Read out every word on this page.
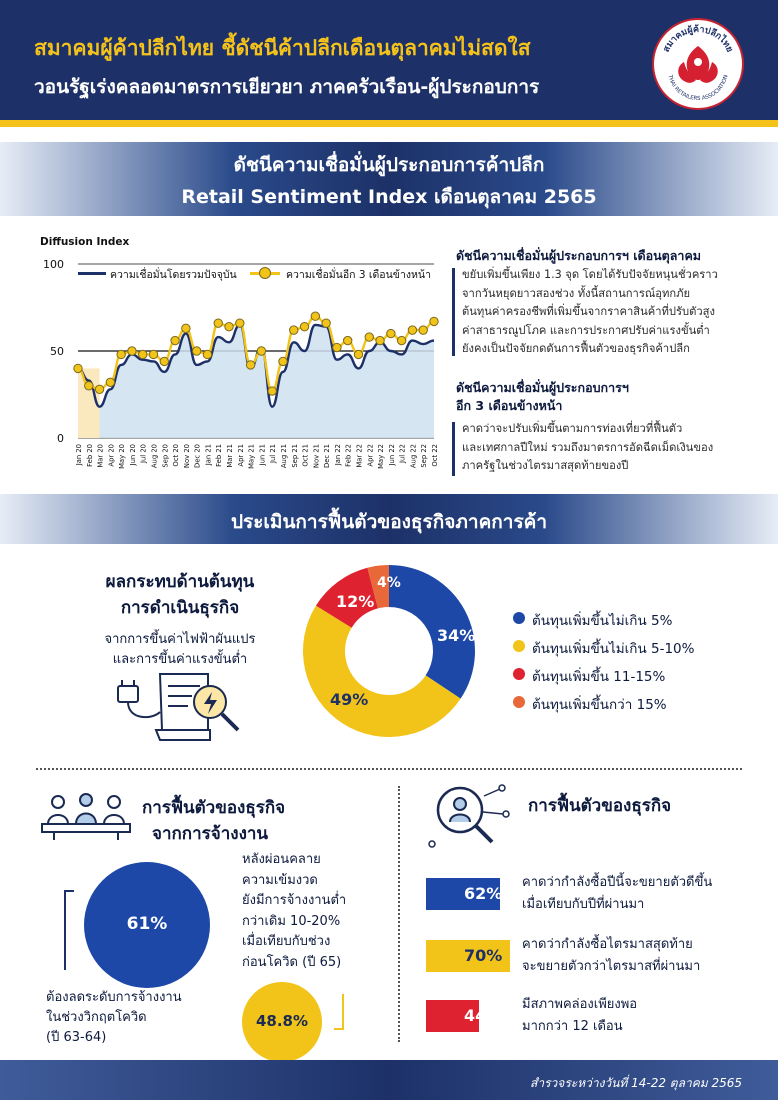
สมาคมผู้ค้าปลีกไทย ชี้ดัชนีค้าปลีกเดือนตุลาคมไม่สดใส
วอนรัฐเร่งคลอดมาตรการเยียวยา ภาคครัวเรือน-ผู้ประกอบการ
สมาคมผู้ค้าปลีกไทย
THAI RETAILERS ASSOCIATION
ดัชนีความเชื่อมั่นผู้ประกอบการค้าปลีก
Retail Sentiment Index เดือนตุลาคม 2565
Diffusion Index
0
50
100
Jan 20 Feb 20 Mar 20 Apr 20 May 20 Jun 20 Jul 20 Aug 20 Sep 20 Oct 20 Nov 20 Dec 20 Jan 21 Feb 21 Mar 21 Apr 21 May 21 Jun 21 Jul 21 Aug 21 Sep 21 Oct 21 Nov 21 Dec 21 Jan 22 Feb 22 Mar 22 Apr 22 May 22 Jun 22 Jul 22 Aug 22 Sep 22 Oct 22
ความเชื่อมั่นโดยรวมปัจจุบัน	ความเชื่อมั่นอีก 3 เดือนข้างหน้า
ดัชนีความเชื่อมั่นผู้ประกอบการฯ เดือนตุลาคม
ขยับเพิ่มขึ้นเพียง 1.3 จุด โดยได้รับปัจจัยหนุนชั่วคราว
จากวันหยุดยาวสองช่วง ทั้งนี้สถานการณ์อุทกภัย
ต้นทุนค่าครองชีพที่เพิ่มขึ้นจากราคาสินค้าที่ปรับตัวสูง
ค่าสาธารณูปโภค และการประกาศปรับค่าแรงขั้นต่ำ
ยังคงเป็นปัจจัยกดดันการฟื้นตัวของธุรกิจค้าปลีก
ดัชนีความเชื่อมั่นผู้ประกอบการฯ
อีก 3 เดือนข้างหน้า
คาดว่าจะปรับเพิ่มขึ้นตามการท่องเที่ยวที่ฟื้นตัว
และเทศกาลปีใหม่ รวมถึงมาตรการอัดฉีดเม็ดเงินของ
ภาครัฐในช่วงไตรมาสสุดท้ายของปี
ประเมินการฟื้นตัวของธุรกิจภาคการค้า
ผลกระทบด้านต้นทุน
การดำเนินธุรกิจ
จากการขึ้นค่าไฟฟ้าผันแปร
และการขึ้นค่าแรงขั้นต่ำ
34%
49%
12%
4%
ต้นทุนเพิ่มขึ้นไม่เกิน 5%
ต้นทุนเพิ่มขึ้นไม่เกิน 5-10%
ต้นทุนเพิ่มขึ้น 11-15%
ต้นทุนเพิ่มขึ้นกว่า 15%
การฟื้นตัวของธุรกิจ
จากการจ้างงาน
61%
ต้องลดระดับการจ้างงาน
ในช่วงวิกฤตโควิด
(ปี 63-64)
หลังผ่อนคลาย
ความเข้มงวด
ยังมีการจ้างงานต่ำ
กว่าเดิม 10-20%
เมื่อเทียบกับช่วง
ก่อนโควิด (ปี 65)
48.8%
การฟื้นตัวของธุรกิจ
62%
คาดว่ากำลังซื้อปีนี้จะขยายตัวดีขึ้น
เมื่อเทียบกับปีที่ผ่านมา
70%
คาดว่ากำลังซื้อไตรมาสสุดท้าย
จะขยายตัวกว่าไตรมาสที่ผ่านมา
44%
มีสภาพคล่องเพียงพอ
มากกว่า 12 เดือน
สำรวจระหว่างวันที่ 14-22 ตุลาคม 2565
